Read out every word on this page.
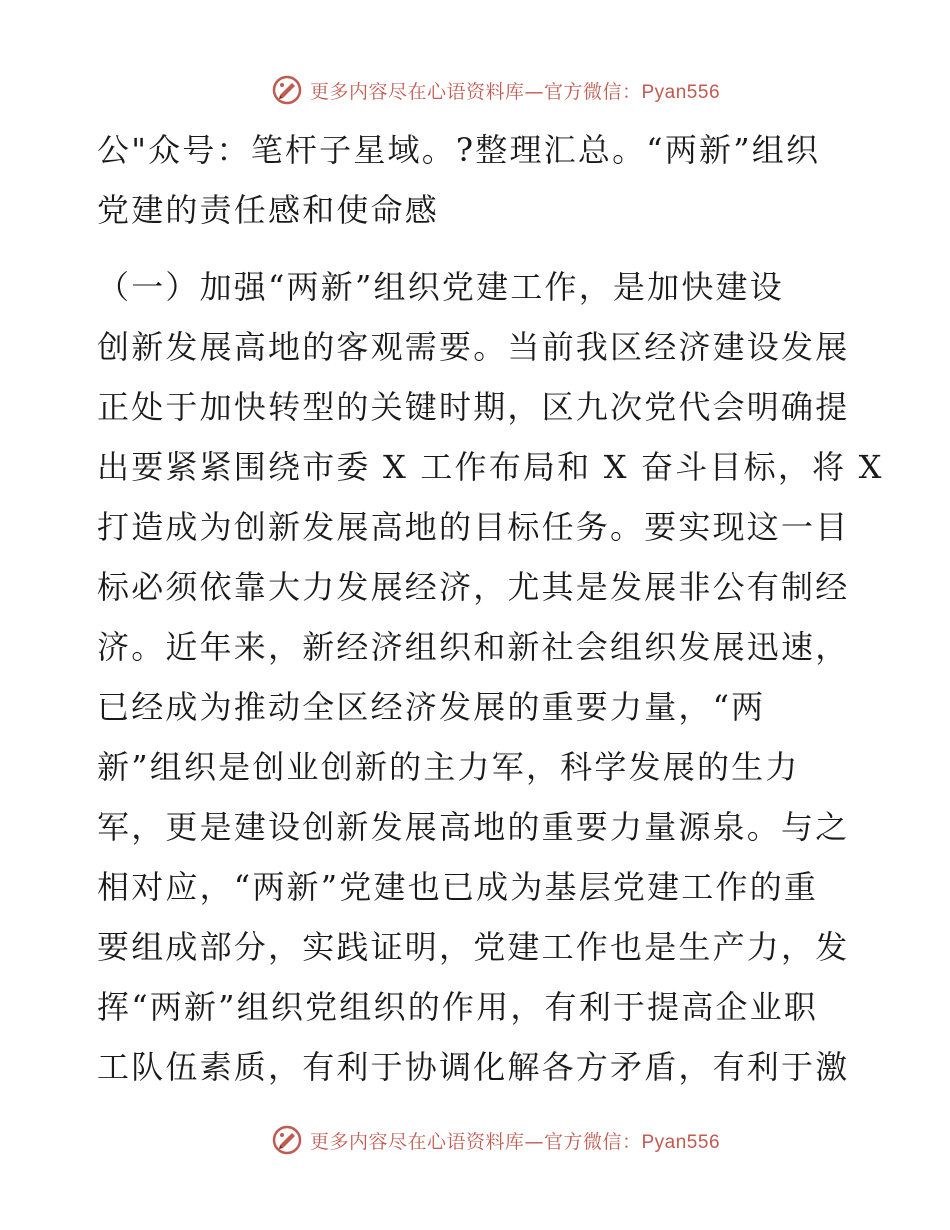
更多内容尽在心语资料库—官方微信：Pyan556
公"众号：笔杆子星域。?整理汇总。“两新”组织
党建的责任感和使命感
（一）加强“两新”组织党建工作，是加快建设
创新发展高地的客观需要。当前我区经济建设发展
正处于加快转型的关键时期，区九次党代会明确提
出要紧紧围绕市委 X 工作布局和 X 奋斗目标，将 X
打造成为创新发展高地的目标任务。要实现这一目
标必须依靠大力发展经济，尤其是发展非公有制经
济。近年来，新经济组织和新社会组织发展迅速，
已经成为推动全区经济发展的重要力量，“两
新”组织是创业创新的主力军，科学发展的生力
军，更是建设创新发展高地的重要力量源泉。与之
相对应，“两新”党建也已成为基层党建工作的重
要组成部分，实践证明，党建工作也是生产力，发
挥“两新”组织党组织的作用，有利于提高企业职
工队伍素质，有利于协调化解各方矛盾，有利于激
更多内容尽在心语资料库—官方微信：Pyan556
